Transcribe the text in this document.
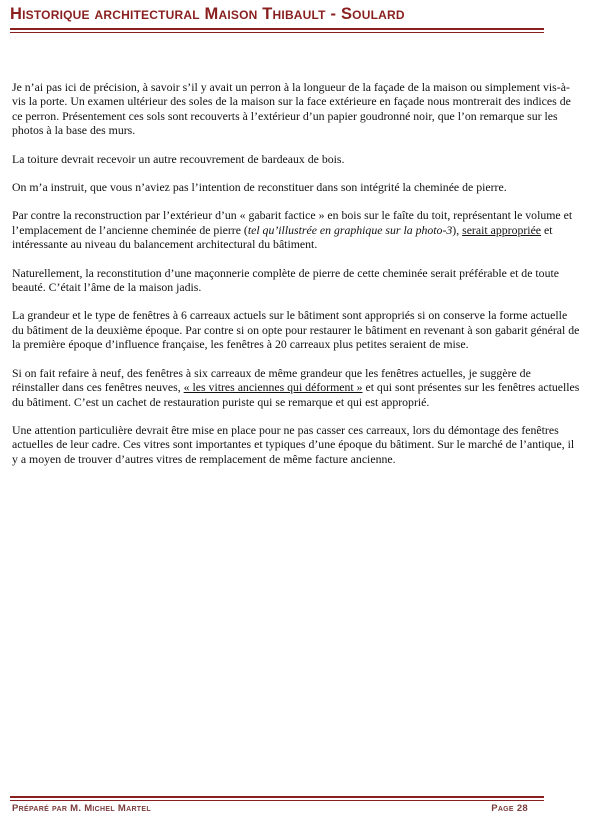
Historique architectural Maison Thibault - Soulard

Je n’ai pas ici de précision, à savoir s’il y avait un perron à la longueur de la façade de la maison ou simplement vis-à-vis la porte. Un examen ultérieur des soles de la maison sur la face extérieure en façade nous montrerait des indices de ce perron. Présentement ces sols sont recouverts à l’extérieur d’un papier goudronné noir, que l’on remarque sur les photos à la base des murs.

La toiture devrait recevoir un autre recouvrement de bardeaux de bois.

On m’a instruit, que vous n’aviez pas l’intention de reconstituer dans son intégrité la cheminée de pierre.

Par contre la reconstruction par l’extérieur d’un « gabarit factice » en bois sur le faîte du toit, représentant le volume et l’emplacement de l’ancienne cheminée de pierre (tel qu’illustrée en graphique sur la photo-3), serait appropriée et intéressante au niveau du balancement architectural du bâtiment.

Naturellement, la reconstitution d’une maçonnerie complète de pierre de cette cheminée serait préférable et de toute beauté. C’était l’âme de la maison jadis.

La grandeur et le type de fenêtres à 6 carreaux actuels sur le bâtiment sont appropriés si on conserve la forme actuelle du bâtiment de la deuxième époque. Par contre si on opte pour restaurer le bâtiment en revenant à son gabarit général de la première époque d’influence française, les fenêtres à 20 carreaux plus petites seraient de mise.

Si on fait refaire à neuf, des fenêtres à six carreaux de même grandeur que les fenêtres actuelles, je suggère de réinstaller dans ces fenêtres neuves, « les vitres anciennes qui déforment » et qui sont présentes sur les fenêtres actuelles du bâtiment. C’est un cachet de restauration puriste qui se remarque et qui est approprié.

Une attention particulière devrait être mise en place pour ne pas casser ces carreaux, lors du démontage des fenêtres actuelles de leur cadre. Ces vitres sont importantes et typiques d’une époque du bâtiment. Sur le marché de l’antique, il y a moyen de trouver d’autres vitres de remplacement de même facture ancienne.

Préparé par M. Michel Martel	Page 28
